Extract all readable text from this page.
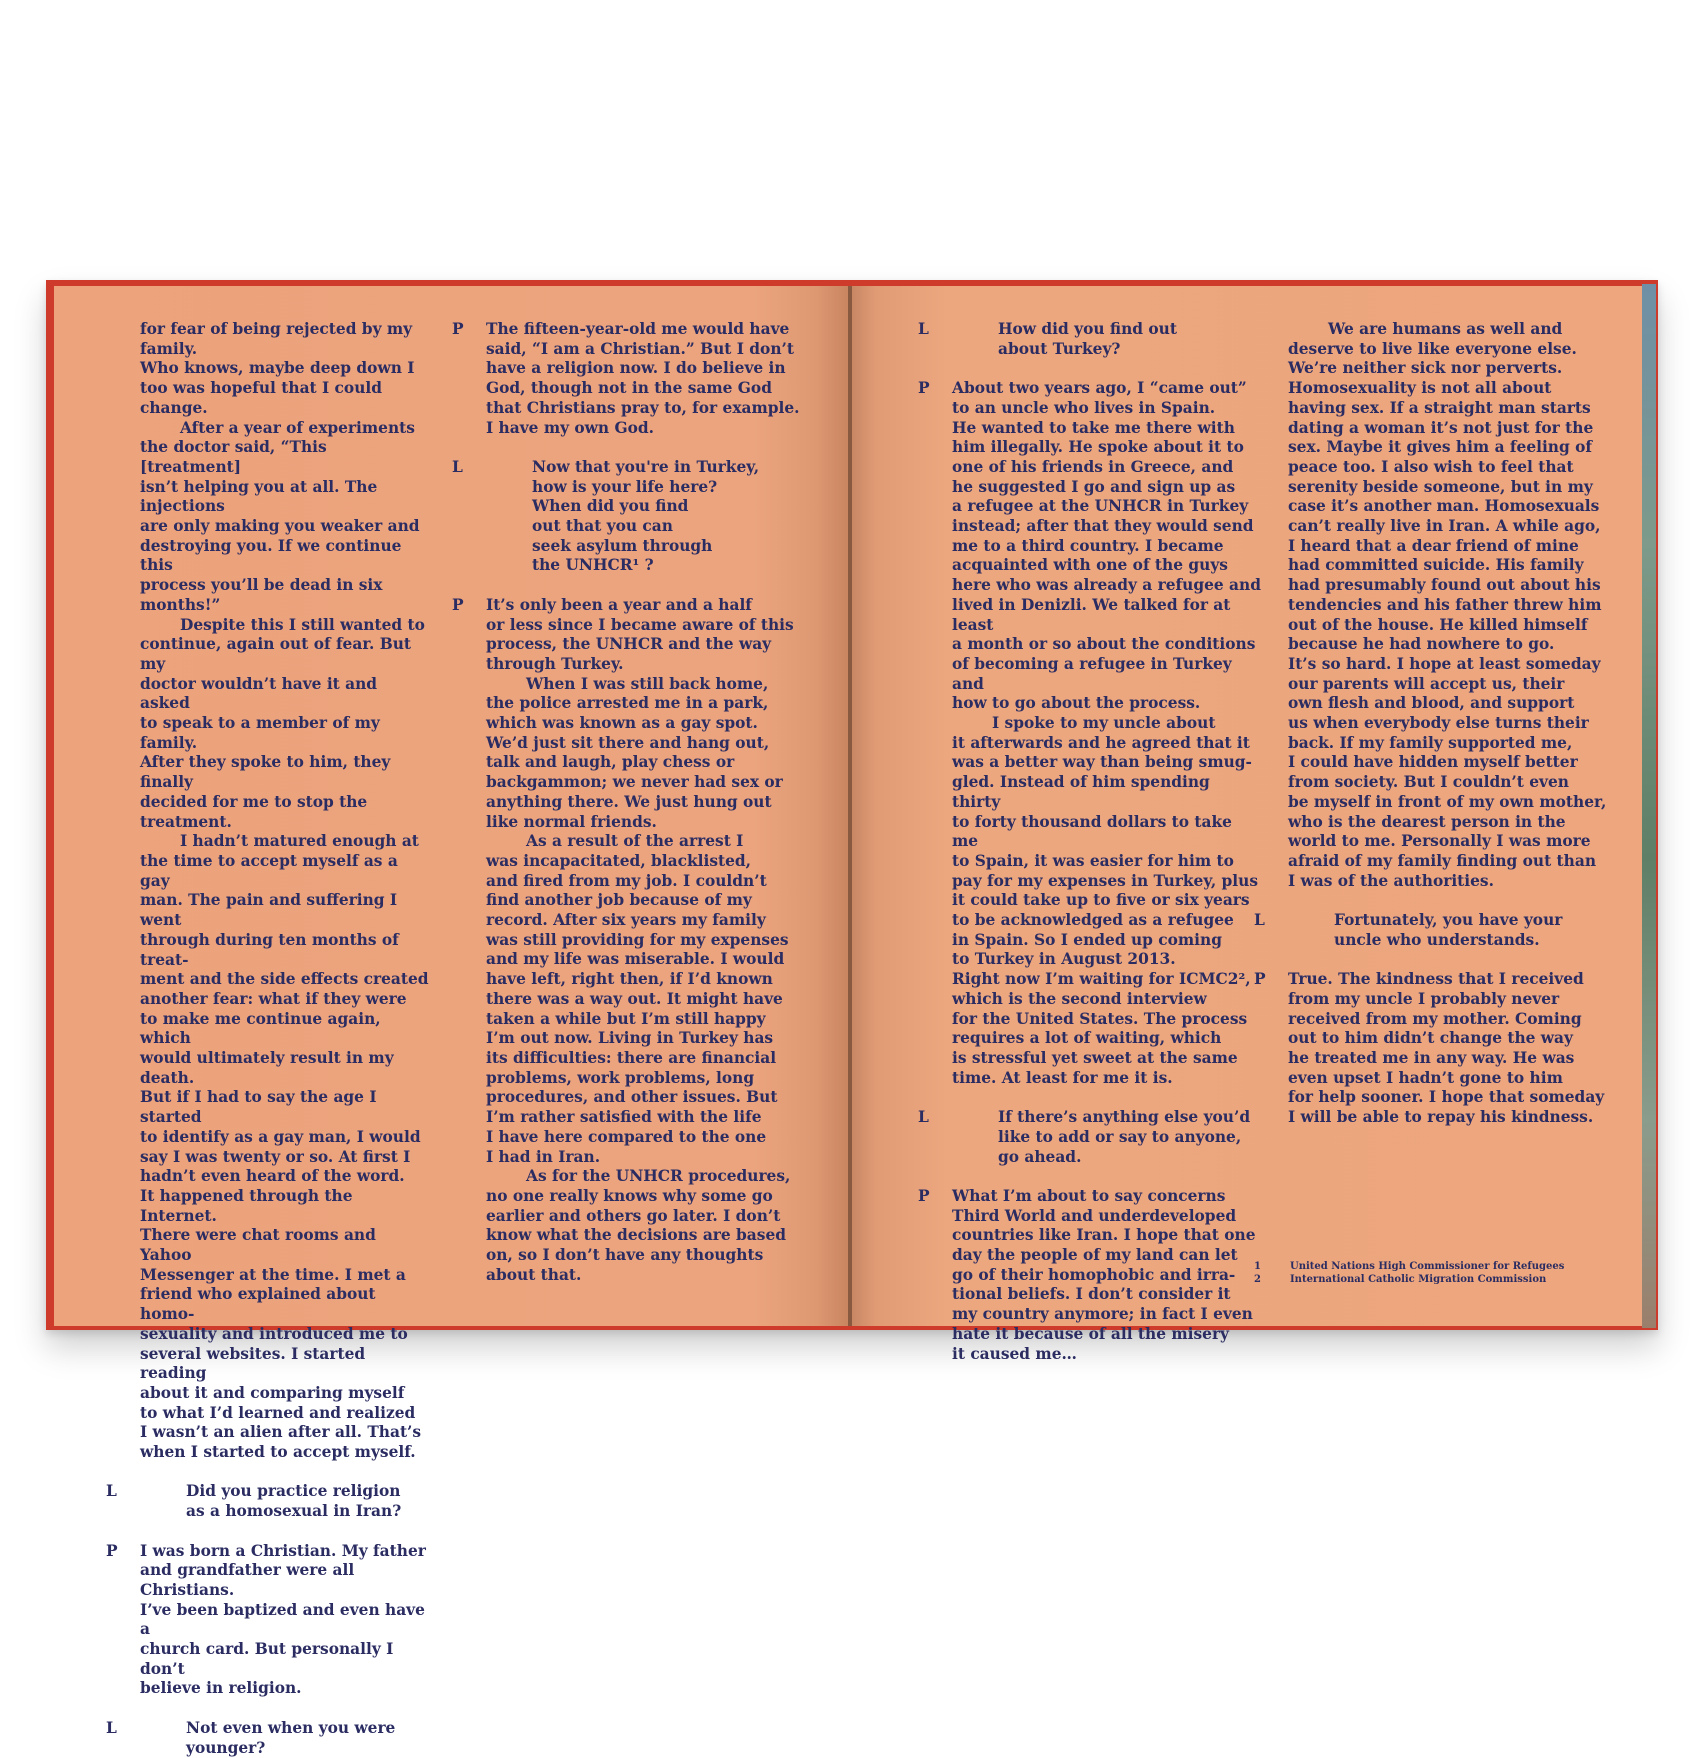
for fear of being rejected by my family.

Who knows, maybe deep down I

too was hopeful that I could change.

After a year of experiments

the doctor said, “This [treatment]

isn’t helping you at all. The injections

are only making you weaker and

destroying you. If we continue this

process you’ll be dead in six months!”

Despite this I still wanted to

continue, again out of fear. But my

doctor wouldn’t have it and asked

to speak to a member of my family.

After they spoke to him, they finally

decided for me to stop the treatment.

I hadn’t matured enough at

the time to accept myself as a gay

man. The pain and suffering I went

through during ten months of treat-

ment and the side effects created

another fear: what if they were

to make me continue again, which

would ultimately result in my death.

But if I had to say the age I started

to identify as a gay man, I would

say I was twenty or so. At first I

hadn’t even heard of the word.

It happened through the Internet.

There were chat rooms and Yahoo

Messenger at the time. I met a

friend who explained about homo-

sexuality and introduced me to

several websites. I started reading

about it and comparing myself

to what I’d learned and realized

I wasn’t an alien after all. That’s

when I started to accept myself.

L	Did you practice religion

as a homosexual in Iran?

P I was born a Christian. My father

and grandfather were all Christians.

I’ve been baptized and even have a

church card. But personally I don’t

believe in religion.

L	Not even when you were

younger?

P The fifteen-year-old me would have

said, “I am a Christian.” But I don’t

have a religion now. I do believe in

God, though not in the same God

that Christians pray to, for example.

I have my own God.

L	Now that you're in Turkey,

how is your life here?

When did you find

out that you can

seek asylum through

the UNHCR¹ ?

P It’s only been a year and a half

or less since I became aware of this

process, the UNHCR and the way

through Turkey.

When I was still back home,

the police arrested me in a park,

which was known as a gay spot.

We’d just sit there and hang out,

talk and laugh, play chess or

backgammon; we never had sex or

anything there. We just hung out

like normal friends.

As a result of the arrest I

was incapacitated, blacklisted,

and fired from my job. I couldn’t

find another job because of my

record. After six years my family

was still providing for my expenses

and my life was miserable. I would

have left, right then, if I’d known

there was a way out. It might have

taken a while but I’m still happy

I’m out now. Living in Turkey has

its difficulties: there are financial

problems, work problems, long

procedures, and other issues. But

I’m rather satisfied with the life

I have here compared to the one

I had in Iran.

As for the UNHCR procedures,

no one really knows why some go

earlier and others go later. I don’t

know what the decisions are based

on, so I don’t have any thoughts

about that.

L	How did you find out

about Turkey?

P About two years ago, I “came out”

to an uncle who lives in Spain.

He wanted to take me there with

him illegally. He spoke about it to

one of his friends in Greece, and

he suggested I go and sign up as

a refugee at the UNHCR in Turkey

instead; after that they would send

me to a third country. I became

acquainted with one of the guys

here who was already a refugee and

lived in Denizli. We talked for at least

a month or so about the conditions

of becoming a refugee in Turkey and

how to go about the process.

I spoke to my uncle about

it afterwards and he agreed that it

was a better way than being smug-

gled. Instead of him spending thirty

to forty thousand dollars to take me

to Spain, it was easier for him to

pay for my expenses in Turkey, plus

it could take up to five or six years

to be acknowledged as a refugee

in Spain. So I ended up coming

to Turkey in August 2013.

Right now I’m waiting for ICMC2²,

which is the second interview

for the United States. The process

requires a lot of waiting, which

is stressful yet sweet at the same

time. At least for me it is.

L	If there’s anything else you’d

like to add or say to anyone,

go ahead.

P What I’m about to say concerns

Third World and underdeveloped

countries like Iran. I hope that one

day the people of my land can let

go of their homophobic and irra-

tional beliefs. I don’t consider it

my country anymore; in fact I even

hate it because of all the misery

it caused me…

We are humans as well and

deserve to live like everyone else.

We’re neither sick nor perverts.

Homosexuality is not all about

having sex. If a straight man starts

dating a woman it’s not just for the

sex. Maybe it gives him a feeling of

peace too. I also wish to feel that

serenity beside someone, but in my

case it’s another man. Homosexuals

can’t really live in Iran. A while ago,

I heard that a dear friend of mine

had committed suicide. His family

had presumably found out about his

tendencies and his father threw him

out of the house. He killed himself

because he had nowhere to go.

It’s so hard. I hope at least someday

our parents will accept us, their

own flesh and blood, and support

us when everybody else turns their

back. If my family supported me,

I could have hidden myself better

from society. But I couldn’t even

be myself in front of my own mother,

who is the dearest person in the

world to me. Personally I was more

afraid of my family finding out than

I was of the authorities.

L	Fortunately, you have your

uncle who understands.

P True. The kindness that I received

from my uncle I probably never

received from my mother. Coming

out to him didn’t change the way

he treated me in any way. He was

even upset I hadn’t gone to him

for help sooner. I hope that someday

I will be able to repay his kindness.

1	United Nations High Commissioner for Refugees
2	International Catholic Migration Commission
